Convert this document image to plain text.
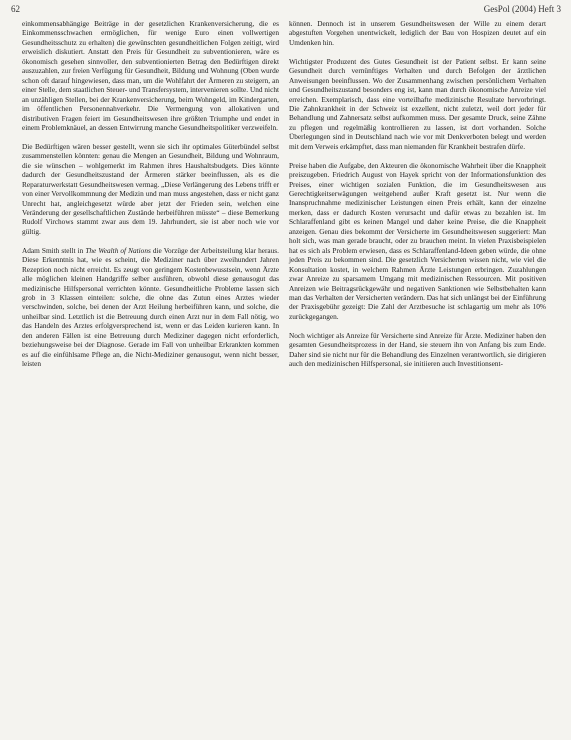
62	GesPol (2004) Heft 3

einkommensabhängige Beiträge in der gesetzlichen Krankenversicherung, die es Einkommensschwachen ermöglichen, für wenige Euro einen vollwertigen Gesundheitsschutz zu erhalten) die gewünschten gesundheitlichen Folgen zeitigt, wird erweislich diskutiert. Anstatt den Preis für Gesundheit zu subventionieren, wäre es ökonomisch gesehen sinnvoller, den subventionierten Betrag den Bedürftigen direkt auszuzahlen, zur freien Verfügung für Gesundheit, Bildung und Wohnung (Oben wurde schon oft darauf hingewiesen, dass man, um die Wohlfahrt der Ärmeren zu steigern, an einer Stelle, dem staatlichen Steuer- und Transfersystem, intervenieren sollte. Und nicht an unzähligen Stellen, bei der Krankenversicherung, beim Wohngeld, im Kindergarten, im öffentlichen Personennahverkehr. Die Vermengung von allokativen und distributiven Fragen feiert im Gesundheitswesen ihre größten Triumphe und endet in einem Problemknäuel, an dessen Entwirrung manche Gesundheitspolitiker verzweifeln.

Die Bedürftigen wären besser gestellt, wenn sie sich ihr optimales Güterbündel selbst zusammenstellen könnten: genau die Mengen an Gesundheit, Bildung und Wohnraum, die sie wünschen – wohlgemerkt im Rahmen ihres Haushaltsbudgets. Dies könnte dadurch der Gesundheitszustand der Ärmeren stärker beeinflussen, als es die Reparaturwerkstatt Gesundheitswesen vermag. „Diese Verlängerung des Lebens trifft er von einer Vervollkommnung der Medizin und man muss angestehen, dass er nicht ganz Unrecht hat, angleichgesetzt würde aber jetzt der Frieden sein, welchen eine Veränderung der gesellschaftlichen Zustände herbeiführen müsste“ – diese Bemerkung Rudolf Virchows stammt zwar aus dem 19. Jahrhundert, sie ist aber noch wie vor gültig.

Adam Smith stellt in The Wealth of Nations die Vorzüge der Arbeitsteilung klar heraus. Diese Erkenntnis hat, wie es scheint, die Mediziner nach über zweihundert Jahren Rezeption noch nicht erreicht. Es zeugt von geringem Kostenbewusstsein, wenn Ärzte alle möglichen kleinen Handgriffe selber ausführen, obwohl diese genausogut das medizinische Hilfspersonal verrichten könnte. Gesundheitliche Probleme lassen sich grob in 3 Klassen einteilen: solche, die ohne das Zutun eines Arztes wieder verschwinden, solche, bei denen der Arzt Heilung herbeiführen kann, und solche, die unheilbar sind. Letztlich ist die Betreuung durch einen Arzt nur in dem Fall nötig, wo das Handeln des Arztes erfolgversprechend ist, wenn er das Leiden kurieren kann. In den anderen Fällen ist eine Betreuung durch Mediziner dagegen nicht erforderlich, beziehungsweise bei der Diagnose. Gerade im Fall von unheilbar Erkrankten kommen es auf die einfühlsame Pflege an, die Nicht-Mediziner genausogut, wenn nicht besser, leisten

können. Dennoch ist in unserem Gesundheitswesen der Wille zu einem derart abgestuften Vorgehen unentwickelt, lediglich der Bau von Hospizen deutet auf ein Umdenken hin.

Wichtigster Produzent des Gutes Gesundheit ist der Patient selbst. Er kann seine Gesundheit durch vernünftiges Verhalten und durch Befolgen der ärztlichen Anweisungen beeinflussen. Wo der Zusammenhang zwischen persönlichem Verhalten und Gesundheitszustand besonders eng ist, kann man durch ökonomische Anreize viel erreichen. Exemplarisch, dass eine vorteilhafte medizinische Resultate hervorbringt. Die Zahnkrankheit in der Schweiz ist exzellent, nicht zuletzt, weil dort jeder für Behandlung und Zahnersatz selbst aufkommen muss. Der gesamte Druck, seine Zähne zu pflegen und regelmäßig kontrollieren zu lassen, ist dort vorhanden. Solche Überlegungen sind in Deutschland nach wie vor mit Denkverboten belegt und werden mit dem Verweis erkämpftet, dass man niemanden für Krankheit bestrafen dürfe.

Preise haben die Aufgabe, den Akteuren die ökonomische Wahrheit über die Knappheit preiszugeben. Friedrich August von Hayek spricht von der Informationsfunktion des Preises, einer wichtigen sozialen Funktion, die im Gesundheitswesen aus Gerechtigkeitserwägungen weitgehend außer Kraft gesetzt ist. Nur wenn die Inanspruchnahme medizinischer Leistungen einen Preis erhält, kann der einzelne merken, dass er dadurch Kosten verursacht und dafür etwas zu bezahlen ist. Im Schlaraffenland gibt es keinen Mangel und daher keine Preise, die die Knappheit anzeigen. Genau dies bekommt der Versicherte im Gesundheitswesen suggeriert: Man holt sich, was man gerade braucht, oder zu brauchen meint. In vielen Praxisbeispielen hat es sich als Problem erwiesen, dass es Schlaraffenland-Ideen geben würde, die ohne jeden Preis zu bekommen sind. Die gesetzlich Versicherten wissen nicht, wie viel die Konsultation kostet, in welchem Rahmen Ärzte Leistungen erbringen. Zuzahlungen zwar Anreize zu sparsamem Umgang mit medizinischen Ressourcen. Mit positiven Anreizen wie Beitragsrückgewähr und negativen Sanktionen wie Selbstbehalten kann man das Verhalten der Versicherten verändern. Das hat sich unlängst bei der Einführung der Praxisgebühr gezeigt: Die Zahl der Arztbesuche ist schlagartig um mehr als 10% zurückgegangen.

Noch wichtiger als Anreize für Versicherte sind Anreize für Ärzte. Mediziner haben den gesamten Gesundheitsprozess in der Hand, sie steuern ihn von Anfang bis zum Ende. Daher sind sie nicht nur für die Behandlung des Einzelnen verantwortlich, sie dirigieren auch den medizinischen Hilfspersonal, sie initiieren auch Investitionsent-
